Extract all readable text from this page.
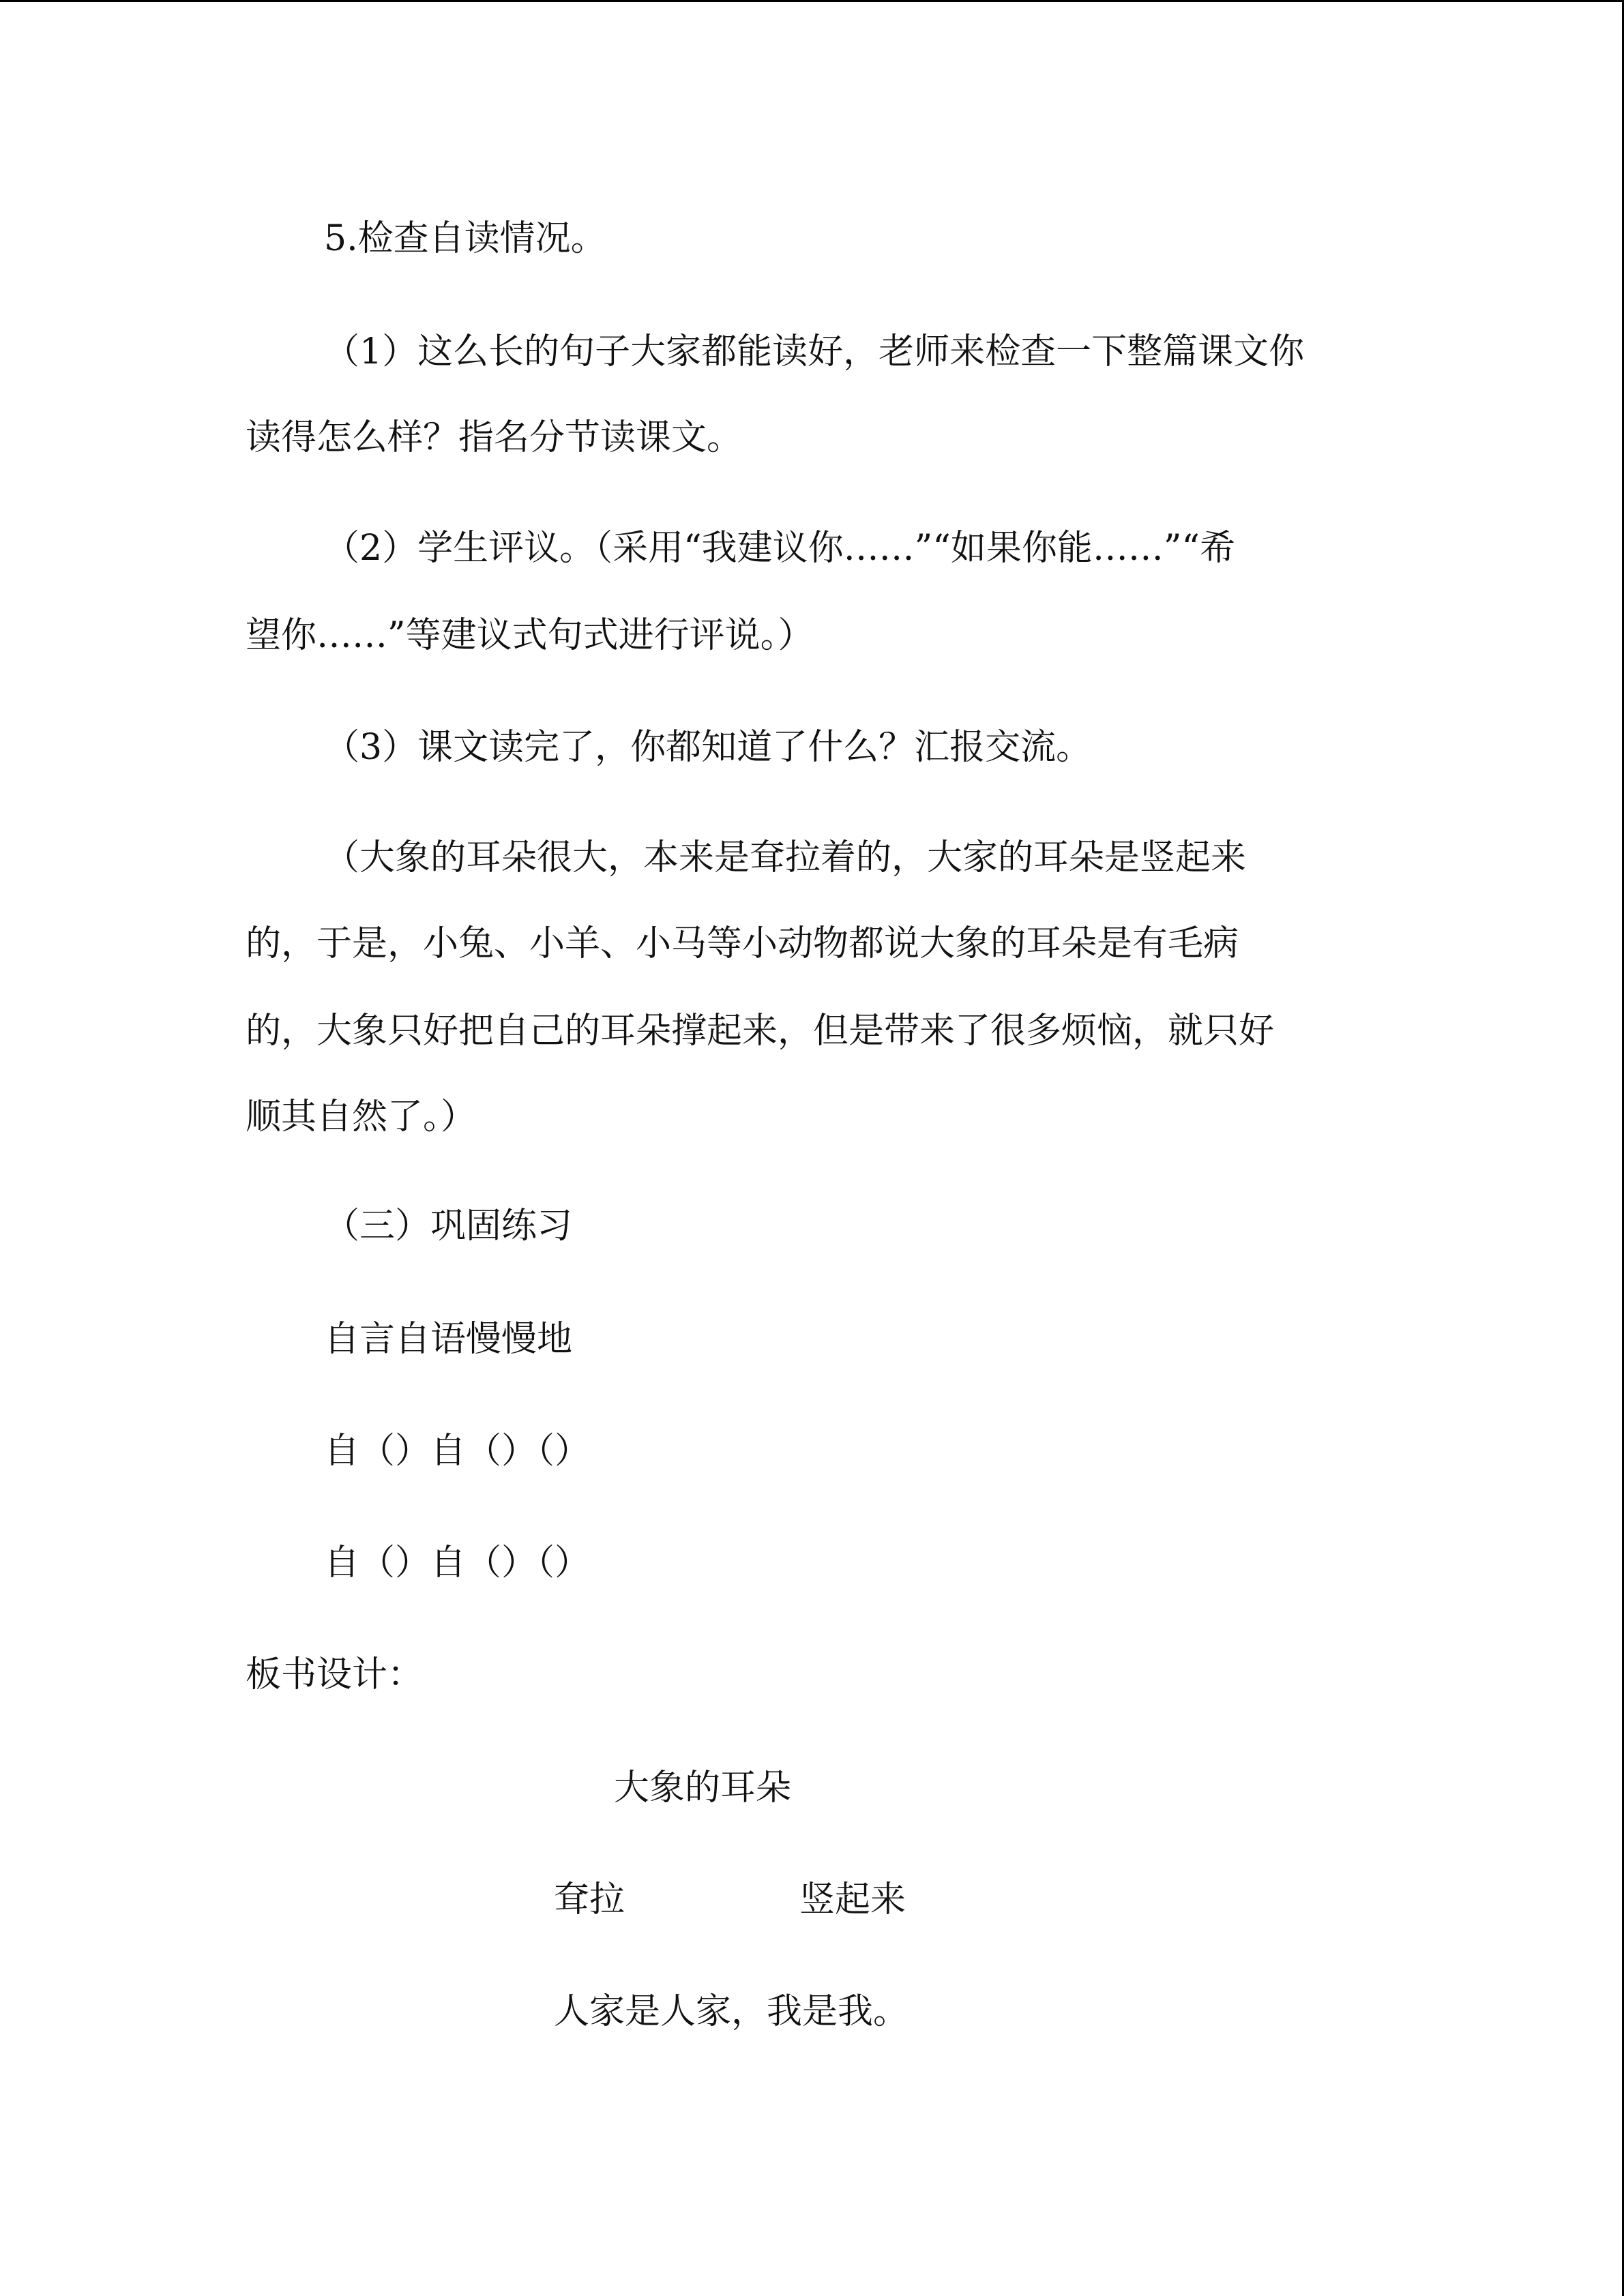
5.检查自读情况。
（1）这么长的句子大家都能读好，老师来检查一下整篇课文你
读得怎么样？指名分节读课文。
（2）学生评议。（采用“我建议你……”“如果你能……”“希
望你……”等建议式句式进行评说。）
（3）课文读完了，你都知道了什么？汇报交流。
（大象的耳朵很大，本来是耷拉着的，大家的耳朵是竖起来
的，于是，小兔、小羊、小马等小动物都说大象的耳朵是有毛病
的，大象只好把自己的耳朵撑起来，但是带来了很多烦恼，就只好
顺其自然了。）
（三）巩固练习
自言自语慢慢地
自（）自（）（）
自（）自（）（）
板书设计：
大象的耳朵
耷拉	竖起来
人家是人家，我是我。
